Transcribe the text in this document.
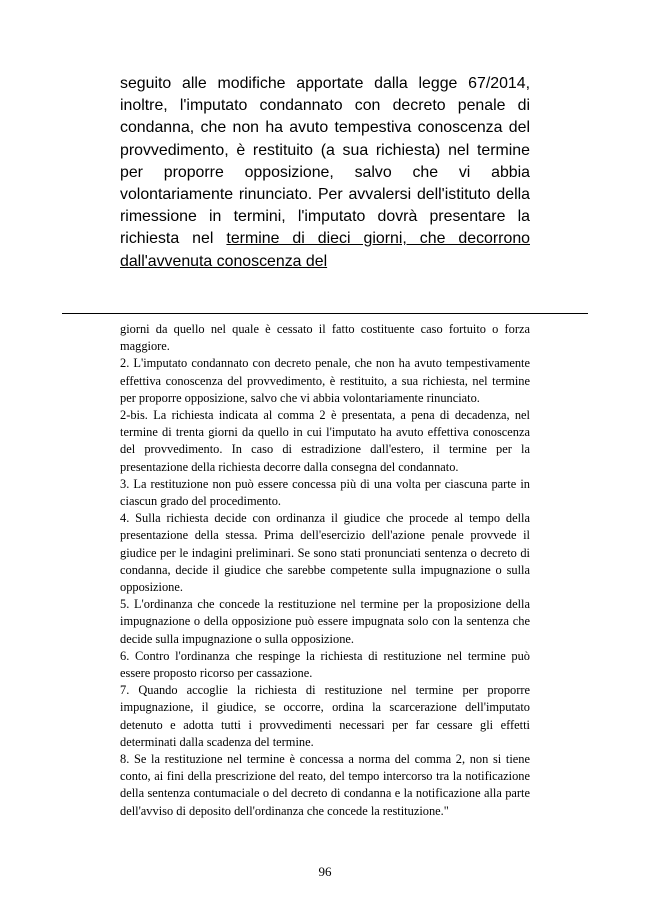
seguito alle modifiche apportate dalla legge 67/2014, inoltre, l'imputato condannato con decreto penale di condanna, che non ha avuto tempestiva conoscenza del provvedimento, è restituito (a sua richiesta) nel termine per proporre opposizione, salvo che vi abbia volontariamente rinunciato. Per avvalersi dell'istituto della rimessione in termini, l'imputato dovrà presentare la richiesta nel termine di dieci giorni, che decorrono dall'avvenuta conoscenza del

giorni da quello nel quale è cessato il fatto costituente caso fortuito o forza maggiore.

2. L'imputato condannato con decreto penale, che non ha avuto tempestivamente effettiva conoscenza del provvedimento, è restituito, a sua richiesta, nel termine per proporre opposizione, salvo che vi abbia volontariamente rinunciato.

2-bis. La richiesta indicata al comma 2 è presentata, a pena di decadenza, nel termine di trenta giorni da quello in cui l'imputato ha avuto effettiva conoscenza del provvedimento. In caso di estradizione dall'estero, il termine per la presentazione della richiesta decorre dalla consegna del condannato.

3. La restituzione non può essere concessa più di una volta per ciascuna parte in ciascun grado del procedimento.

4. Sulla richiesta decide con ordinanza il giudice che procede al tempo della presentazione della stessa. Prima dell'esercizio dell'azione penale provvede il giudice per le indagini preliminari. Se sono stati pronunciati sentenza o decreto di condanna, decide il giudice che sarebbe competente sulla impugnazione o sulla opposizione.

5. L'ordinanza che concede la restituzione nel termine per la proposizione della impugnazione o della opposizione può essere impugnata solo con la sentenza che decide sulla impugnazione o sulla opposizione.

6. Contro l'ordinanza che respinge la richiesta di restituzione nel termine può essere proposto ricorso per cassazione.

7. Quando accoglie la richiesta di restituzione nel termine per proporre impugnazione, il giudice, se occorre, ordina la scarcerazione dell'imputato detenuto e adotta tutti i provvedimenti necessari per far cessare gli effetti determinati dalla scadenza del termine.

8. Se la restituzione nel termine è concessa a norma del comma 2, non si tiene conto, ai fini della prescrizione del reato, del tempo intercorso tra la notificazione della sentenza contumaciale o del decreto di condanna e la notificazione alla parte dell'avviso di deposito dell'ordinanza che concede la restituzione."

96
